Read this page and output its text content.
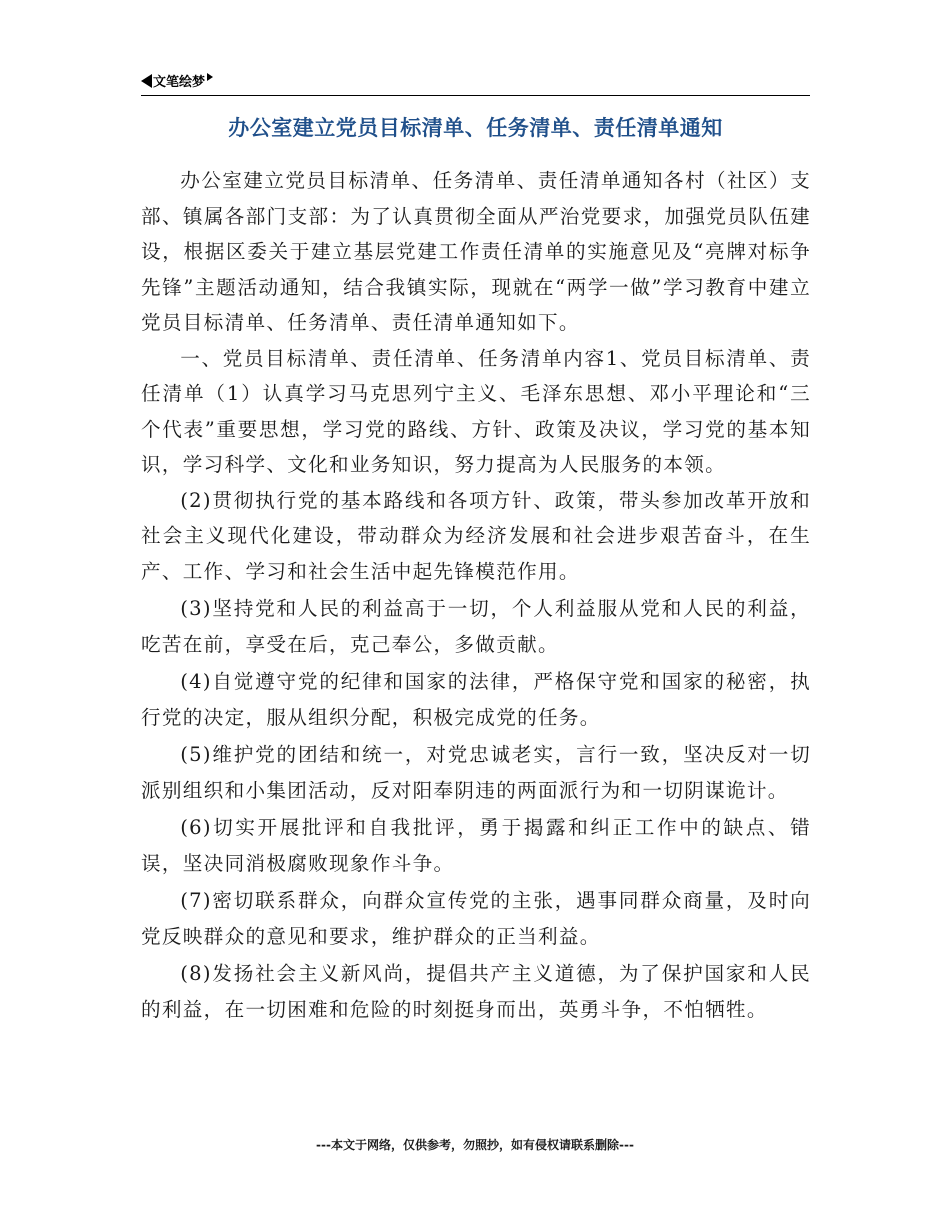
文笔绘梦
办公室建立党员目标清单、任务清单、责任清单通知

办公室建立党员目标清单、任务清单、责任清单通知各村（社区）支部、镇属各部门支部：为了认真贯彻全面从严治党要求，加强党员队伍建设，根据区委关于建立基层党建工作责任清单的实施意见及“亮牌对标争先锋”主题活动通知，结合我镇实际，现就在“两学一做”学习教育中建立党员目标清单、任务清单、责任清单通知如下。

一、党员目标清单、责任清单、任务清单内容1、党员目标清单、责任清单（1）认真学习马克思列宁主义、毛泽东思想、邓小平理论和“三个代表”重要思想，学习党的路线、方针、政策及决议，学习党的基本知识，学习科学、文化和业务知识，努力提高为人民服务的本领。

(2)贯彻执行党的基本路线和各项方针、政策，带头参加改革开放和社会主义现代化建设，带动群众为经济发展和社会进步艰苦奋斗，在生产、工作、学习和社会生活中起先锋模范作用。

(3)坚持党和人民的利益高于一切，个人利益服从党和人民的利益，吃苦在前，享受在后，克己奉公，多做贡献。

(4)自觉遵守党的纪律和国家的法律，严格保守党和国家的秘密，执行党的决定，服从组织分配，积极完成党的任务。

(5)维护党的团结和统一，对党忠诚老实，言行一致，坚决反对一切派别组织和小集团活动，反对阳奉阴违的两面派行为和一切阴谋诡计。

(6)切实开展批评和自我批评，勇于揭露和纠正工作中的缺点、错误，坚决同消极腐败现象作斗争。

(7)密切联系群众，向群众宣传党的主张，遇事同群众商量，及时向党反映群众的意见和要求，维护群众的正当利益。

(8)发扬社会主义新风尚，提倡共产主义道德，为了保护国家和人民的利益，在一切困难和危险的时刻挺身而出，英勇斗争，不怕牺牲。

---本文于网络，仅供参考，勿照抄，如有侵权请联系删除---
